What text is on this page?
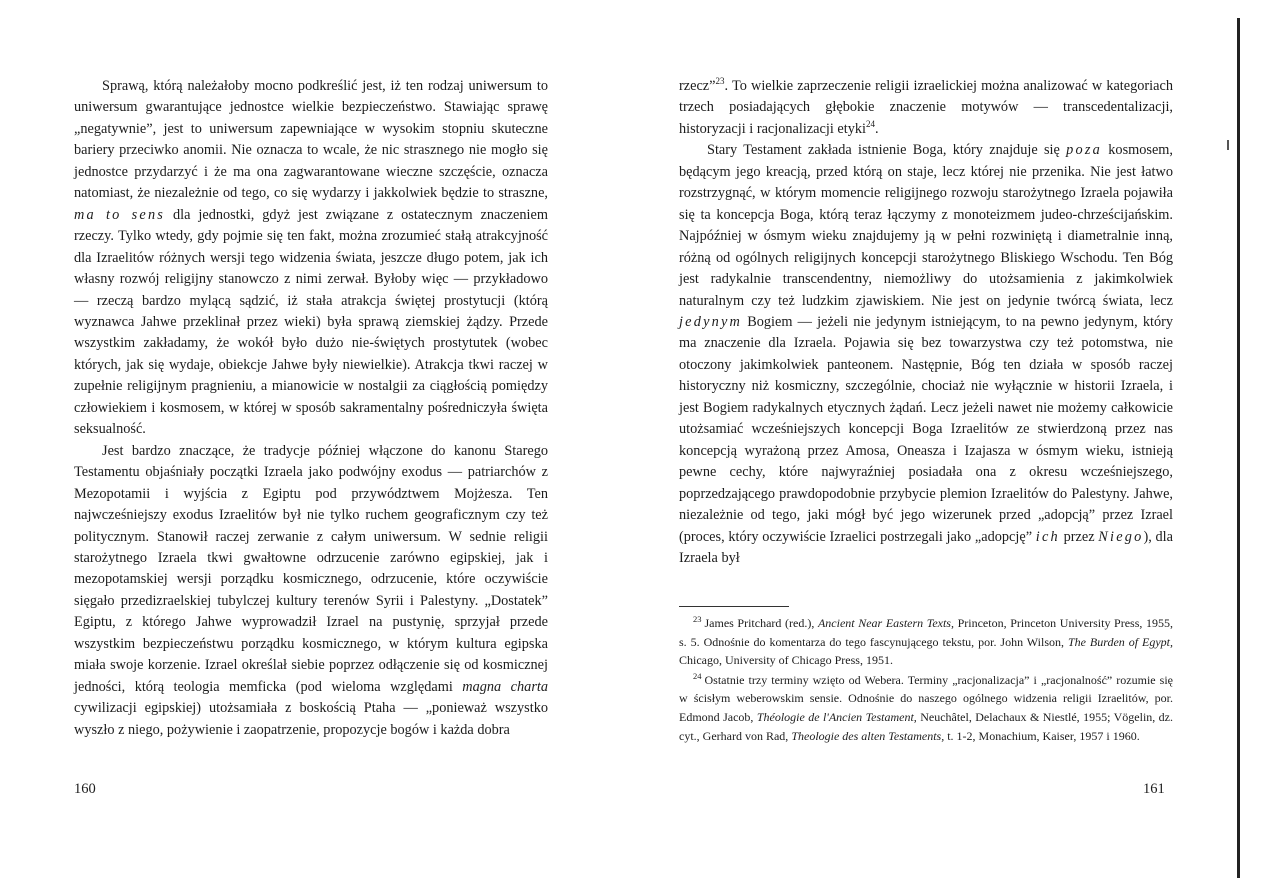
Sprawą, którą należałoby mocno podkreślić jest, iż ten rodzaj uniwersum to uniwersum gwarantujące jednostce wielkie bezpieczeństwo. Stawiając sprawę „negatywnie”, jest to uniwersum zapewniające w wysokim stopniu skuteczne bariery przeciwko anomii. Nie oznacza to wcale, że nic strasznego nie mogło się jednostce przydarzyć i że ma ona zagwarantowane wieczne szczęście, oznacza natomiast, że niezależnie od tego, co się wydarzy i jakkolwiek będzie to straszne, ma to sens dla jednostki, gdyż jest związane z ostatecznym znaczeniem rzeczy. Tylko wtedy, gdy pojmie się ten fakt, można zrozumieć stałą atrakcyjność dla Izraelitów różnych wersji tego widzenia świata, jeszcze długo potem, jak ich własny rozwój religijny stanowczo z nimi zerwał. Byłoby więc — przykładowo — rzeczą bardzo mylącą sądzić, iż stała atrakcja świętej prostytucji (którą wyznawca Jahwe przeklinał przez wieki) była sprawą ziemskiej żądzy. Przede wszystkim zakładamy, że wokół było dużo nie-świętych prostytutek (wobec których, jak się wydaje, obiekcje Jahwe były niewielkie). Atrakcja tkwi raczej w zupełnie religijnym pragnieniu, a mianowicie w nostalgii za ciągłością pomiędzy człowiekiem i kosmosem, w której w sposób sakramentalny pośredniczyła święta seksualność.

Jest bardzo znaczące, że tradycje później włączone do kanonu Starego Testamentu objaśniały początki Izraela jako podwójny exodus — patriarchów z Mezopotamii i wyjścia z Egiptu pod przywództwem Mojżesza. Ten najwcześniejszy exodus Izraelitów był nie tylko ruchem geograficznym czy też politycznym. Stanowił raczej zerwanie z całym uniwersum. W sednie religii starożytnego Izraela tkwi gwałtowne odrzucenie zarówno egipskiej, jak i mezopotamskiej wersji porządku kosmicznego, odrzucenie, które oczywiście sięgało przedizraelskiej tubylczej kultury terenów Syrii i Palestyny. „Dostatek” Egiptu, z którego Jahwe wyprowadził Izrael na pustynię, sprzyjał przede wszystkim bezpieczeństwu porządku kosmicznego, w którym kultura egipska miała swoje korzenie. Izrael określał siebie poprzez odłączenie się od kosmicznej jedności, którą teologia memficka (pod wieloma względami magna charta cywilizacji egipskiej) utożsamiała z boskością Ptaha — „ponieważ wszystko wyszło z niego, pożywienie i zaopatrzenie, propozycje bogów i każda dobra

160

rzecz”$^{23}$. To wielkie zaprzeczenie religii izraelickiej można analizować w kategoriach trzech posiadających głębokie znaczenie motywów — transcedentalizacji, historyzacji i racjonalizacji etyki$^{24}$.

Stary Testament zakłada istnienie Boga, który znajduje się poza kosmosem, będącym jego kreacją, przed którą on staje, lecz której nie przenika. Nie jest łatwo rozstrzygnąć, w którym momencie religijnego rozwoju starożytnego Izraela pojawiła się ta koncepcja Boga, którą teraz łączymy z monoteizmem judeo-chrześcijańskim. Najpóźniej w ósmym wieku znajdujemy ją w pełni rozwiniętą i diametralnie inną, różną od ogólnych religijnych koncepcji starożytnego Bliskiego Wschodu. Ten Bóg jest radykalnie transcendentny, niemożliwy do utożsamienia z jakimkolwiek naturalnym czy też ludzkim zjawiskiem. Nie jest on jedynie twórcą świata, lecz jedynym Bogiem — jeżeli nie jedynym istniejącym, to na pewno jedynym, który ma znaczenie dla Izraela. Pojawia się bez towarzystwa czy też potomstwa, nie otoczony jakimkolwiek panteonem. Następnie, Bóg ten działa w sposób raczej historyczny niż kosmiczny, szczególnie, chociaż nie wyłącznie w historii Izraela, i jest Bogiem radykalnych etycznych żądań. Lecz jeżeli nawet nie możemy całkowicie utożsamiać wcześniejszych koncepcji Boga Izraelitów ze stwierdzoną przez nas koncepcją wyrażoną przez Amosa, Oneasza i Izajasza w ósmym wieku, istnieją pewne cechy, które najwyraźniej posiadała ona z okresu wcześniejszego, poprzedzającego prawdopodobnie przybycie plemion Izraelitów do Palestyny. Jahwe, niezależnie od tego, jaki mógł być jego wizerunek przed „adopcją” przez Izrael (proces, który oczywiście Izraelici postrzegali jako „adopcję” ich przez Niego), dla Izraela był

$^{23}$ James Pritchard (red.), Ancient Near Eastern Texts, Princeton, Princeton University Press, 1955, s. 5. Odnośnie do komentarza do tego fascynującego tekstu, por. John Wilson, The Burden of Egypt, Chicago, University of Chicago Press, 1951.

$^{24}$ Ostatnie trzy terminy wzięto od Webera. Terminy „racjonalizacja” i „racjonalność” rozumie się w ścisłym weberowskim sensie. Odnośnie do naszego ogólnego widzenia religii Izraelitów, por. Edmond Jacob, Théologie de l'Ancien Testament, Neuchâtel, Delachaux & Niestlé, 1955; Vögelin, dz. cyt., Gerhard von Rad, Theologie des alten Testaments, t. 1-2, Monachium, Kaiser, 1957 i 1960.

161
